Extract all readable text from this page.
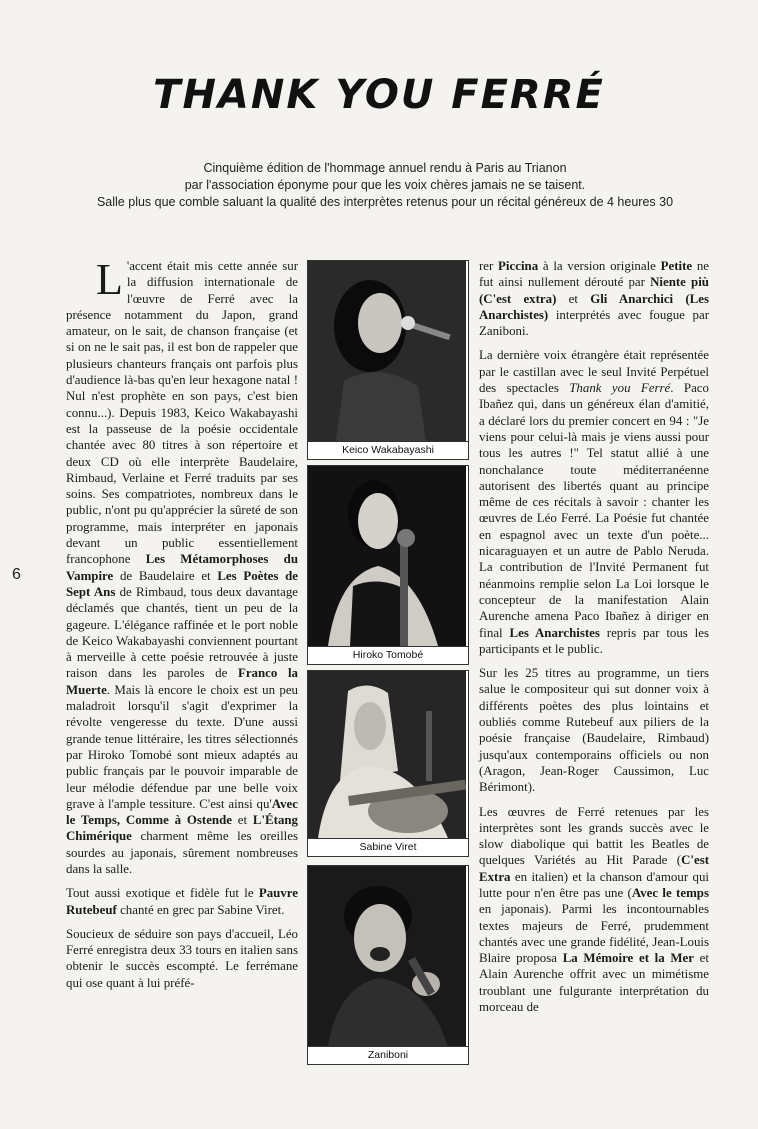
THANK YOU FERRÉ
Cinquième édition de l'hommage annuel rendu à Paris au Trianon
par l'association éponyme pour que les voix chères jamais ne se taisent.
Salle plus que comble saluant la qualité des interprètes retenus pour un récital généreux de 4 heures 30
6

L 'accent était mis cette année sur la diffusion internationale de l'œuvre de Ferré avec la présence notamment du Japon, grand amateur, on le sait, de chanson française (et si on ne le sait pas, il est bon de rappeler que plusieurs chanteurs français ont parfois plus d'audience là-bas qu'en leur hexagone natal ! Nul n'est prophète en son pays, c'est bien connu...). Depuis 1983, Keico Wakabayashi est la passeuse de la poésie occidentale chantée avec 80 titres à son répertoire et deux CD où elle interprète Baudelaire, Rimbaud, Verlaine et Ferré traduits par ses soins. Ses compatriotes, nombreux dans le public, n'ont pu qu'apprécier la sûreté de son programme, mais interpréter en japonais devant un public essentiellement francophone Les Métamorphoses du Vampire de Baudelaire et Les Poètes de Sept Ans de Rimbaud, tous deux davantage déclamés que chantés, tient un peu de la gageure. L'élégance raffinée et le port noble de Keico Wakabayashi conviennent pourtant à merveille à cette poésie retrouvée à juste raison dans les paroles de Franco la Muerte. Mais là encore le choix est un peu maladroit lorsqu'il s'agit d'exprimer la révolte vengeresse du texte. D'une aussi grande tenue littéraire, les titres sélectionnés par Hiroko Tomobé sont mieux adaptés au public français par le pouvoir imparable de leur mélodie défendue par une belle voix grave à l'ample tessiture. C'est ainsi qu'Avec le Temps, Comme à Ostende et L'Étang Chimérique charment même les oreilles sourdes au japonais, sûrement nombreuses dans la salle.

Tout aussi exotique et fidèle fut le Pauvre Rutebeuf chanté en grec par Sabine Viret.

Soucieux de séduire son pays d'accueil, Léo Ferré enregistra deux 33 tours en italien sans obtenir le succès escompté. Le ferrémane qui ose quant à lui préfé-

Keico Wakabayashi
Hiroko Tomobé
Sabine Viret
Zaniboni

rer Piccina à la version originale Petite ne fut ainsi nullement dérouté par Niente più (C'est extra) et Gli Anarchici (Les Anarchistes) interprétés avec fougue par Zaniboni.

La dernière voix étrangère était représentée par le castillan avec le seul Invité Perpétuel des spectacles Thank you Ferré. Paco Ibañez qui, dans un généreux élan d'amitié, a déclaré lors du premier concert en 94 : "Je viens pour celui-là mais je viens aussi pour tous les autres !" Tel statut allié à une nonchalance toute méditerranéenne autorisent des libertés quant au principe même de ces récitals à savoir : chanter les œuvres de Léo Ferré. La Poésie fut chantée en espagnol avec un texte d'un poète... nicaraguayen et un autre de Pablo Neruda. La contribution de l'Invité Permanent fut néanmoins remplie selon La Loi lorsque le concepteur de la manifestation Alain Aurenche amena Paco Ibañez à diriger en final Les Anarchistes repris par tous les participants et le public.

Sur les 25 titres au programme, un tiers salue le compositeur qui sut donner voix à différents poètes des plus lointains et oubliés comme Rutebeuf aux piliers de la poésie française (Baudelaire, Rimbaud) jusqu'aux contemporains officiels ou non (Aragon, Jean-Roger Caussimon, Luc Bérimont).

Les œuvres de Ferré retenues par les interprètes sont les grands succès avec le slow diabolique qui battit les Beatles de quelques Variétés au Hit Parade (C'est Extra en italien) et la chanson d'amour qui lutte pour n'en être pas une (Avec le temps en japonais). Parmi les incontournables textes majeurs de Ferré, prudemment chantés avec une grande fidélité, Jean-Louis Blaire proposa La Mémoire et la Mer et Alain Aurenche offrit avec un mimétisme troublant une fulgurante interprétation du morceau de
